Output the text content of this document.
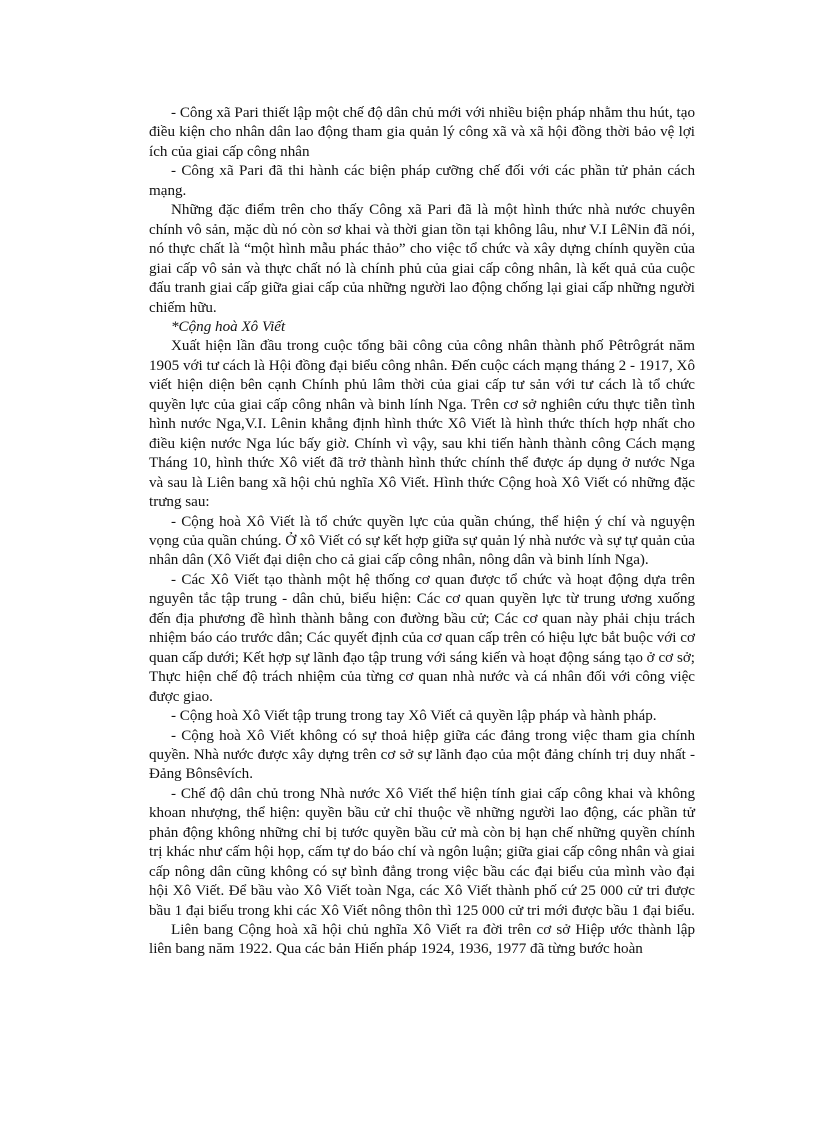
- Công xã Pari thiết lập một chế độ dân chủ mới với nhiều biện pháp nhằm thu hút, tạo điều kiện cho nhân dân lao động tham gia quản lý công xã và xã hội đồng thời bảo vệ lợi ích của giai cấp công nhân

- Công xã Pari đã thi hành các biện pháp cưỡng chế đối với các phần tử phản cách mạng.

Những đặc điểm trên cho thấy Công xã Pari đã là một hình thức nhà nước chuyên chính vô sản, mặc dù nó còn sơ khai và thời gian tồn tại không lâu, như V.I LêNin đã nói, nó thực chất là “một hình mẫu phác thảo” cho việc tổ chức và xây dựng chính quyền của giai cấp vô sản và thực chất nó là chính phủ của giai cấp công nhân, là kết quả của cuộc đấu tranh giai cấp giữa giai cấp của những người lao động chống lại giai cấp những người chiếm hữu.

*Cộng hoà Xô Viết

Xuất hiện lần đầu trong cuộc tổng bãi công của công nhân thành phố Pêtrôgrát năm 1905 với tư cách là Hội đồng đại biểu công nhân. Đến cuộc cách mạng tháng 2 - 1917, Xô viết hiện diện bên cạnh Chính phủ lâm thời của giai cấp tư sản với tư cách là tổ chức quyền lực của giai cấp công nhân và binh lính Nga. Trên cơ sở nghiên cứu thực tiễn tình hình nước Nga,V.I. Lênin khẳng định hình thức Xô Viết là hình thức thích hợp nhất cho điều kiện nước Nga lúc bấy giờ. Chính vì vậy, sau khi tiến hành thành công Cách mạng Tháng 10, hình thức Xô viết đã trở thành hình thức chính thể được áp dụng ở nước Nga và sau là Liên bang xã hội chủ nghĩa Xô Viết. Hình thức Cộng hoà Xô Viết có những đặc trưng sau:

- Cộng hoà Xô Viết là tổ chức quyền lực của quần chúng, thể hiện ý chí và nguyện vọng của quần chúng. Ở xô Viết có sự kết hợp giữa sự quản lý nhà nước và sự tự quản của nhân dân (Xô Viết đại diện cho cả giai cấp công nhân, nông dân và binh lính Nga).

- Các Xô Viết tạo thành một hệ thống cơ quan được tổ chức và hoạt động dựa trên nguyên tắc tập trung - dân chủ, biểu hiện: Các cơ quan quyền lực từ trung ương xuống đến địa phương đề hình thành bằng con đường bầu cử; Các cơ quan này phải chịu trách nhiệm báo cáo trước dân; Các quyết định của cơ quan cấp trên có hiệu lực bắt buộc với cơ quan cấp dưới; Kết hợp sự lãnh đạo tập trung với sáng kiến và hoạt động sáng tạo ở cơ sở; Thực hiện chế độ trách nhiệm của từng cơ quan nhà nước và cá nhân đối với công việc được giao.

- Cộng hoà Xô Viết tập trung trong tay Xô Viết cả quyền lập pháp và hành pháp.

- Cộng hoà Xô Viết không có sự thoả hiệp giữa các đảng trong việc tham gia chính quyền. Nhà nước được xây dựng trên cơ sở sự lãnh đạo của một đảng chính trị duy nhất - Đảng Bônsêvích.

- Chế độ dân chủ trong Nhà nước Xô Viết thể hiện tính giai cấp công khai và không khoan nhượng, thể hiện: quyền bầu cử chỉ thuộc về những người lao động, các phần tử phản động không những chỉ bị tước quyền bầu cử mà còn bị hạn chế những quyền chính trị khác như cấm hội họp, cấm tự do báo chí và ngôn luận; giữa giai cấp công nhân và giai cấp nông dân cũng không có sự bình đẳng trong việc bầu các đại biểu của mình vào đại hội Xô Viết. Để bầu vào Xô Viết toàn Nga, các Xô Viết thành phố cứ 25 000 cử tri được bầu 1 đại biểu trong khi các Xô Viết nông thôn thì 125 000 cử tri mới được bầu 1 đại biểu.

Liên bang Cộng hoà xã hội chủ nghĩa Xô Viết ra đời trên cơ sở Hiệp ước thành lập liên bang năm 1922. Qua các bản Hiến pháp 1924, 1936, 1977 đã từng bước hoàn
